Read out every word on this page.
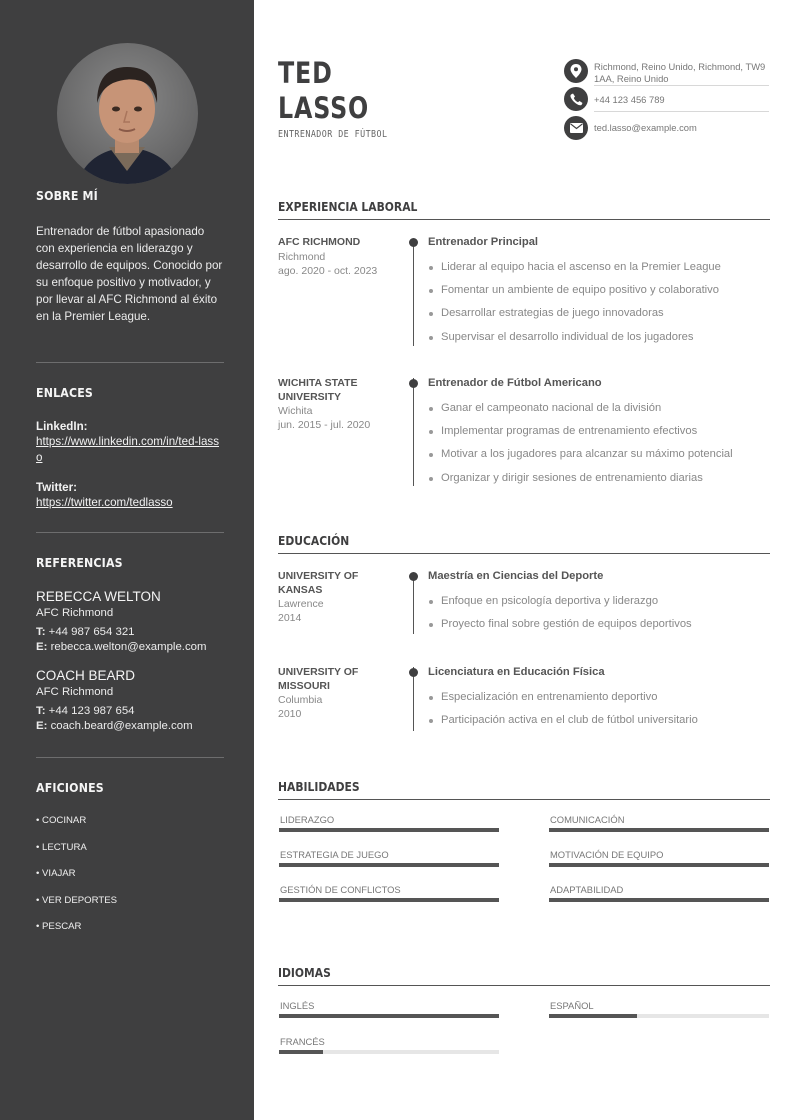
SOBRE MÍ
Entrenador de fútbol apasionado con experiencia en liderazgo y desarrollo de equipos. Conocido por su enfoque positivo y motivador, y por llevar al AFC Richmond al éxito en la Premier League.
ENLACES
LinkedIn:
https://www.linkedin.com/in/ted-lasso
Twitter:
https://twitter.com/tedlasso
REFERENCIAS
REBECCA WELTON
AFC Richmond
T: +44 987 654 321
E: rebecca.welton@example.com
COACH BEARD
AFC Richmond
T: +44 123 987 654
E: coach.beard@example.com
AFICIONES
• COCINAR
• LECTURA
• VIAJAR
• VER DEPORTES
• PESCAR
TED
LASSO
ENTRENADOR DE FÚTBOL
Richmond, Reino Unido, Richmond, TW9 1AA, Reino Unido
+44 123 456 789
ted.lasso@example.com
EXPERIENCIA LABORAL
AFC RICHMOND
Richmond
ago. 2020 - oct. 2023
Entrenador Principal
Liderar al equipo hacia el ascenso en la Premier League
Fomentar un ambiente de equipo positivo y colaborativo
Desarrollar estrategias de juego innovadoras
Supervisar el desarrollo individual de los jugadores
WICHITA STATE UNIVERSITY
Wichita
jun. 2015 - jul. 2020
Entrenador de Fútbol Americano
Ganar el campeonato nacional de la división
Implementar programas de entrenamiento efectivos
Motivar a los jugadores para alcanzar su máximo potencial
Organizar y dirigir sesiones de entrenamiento diarias
EDUCACIÓN
UNIVERSITY OF KANSAS
Lawrence
2014
Maestría en Ciencias del Deporte
Enfoque en psicología deportiva y liderazgo
Proyecto final sobre gestión de equipos deportivos
UNIVERSITY OF MISSOURI
Columbia
2010
Licenciatura en Educación Física
Especialización en entrenamiento deportivo
Participación activa en el club de fútbol universitario
HABILIDADES
LIDERAZGO	COMUNICACIÓN
ESTRATEGIA DE JUEGO	MOTIVACIÓN DE EQUIPO
GESTIÓN DE CONFLICTOS	ADAPTABILIDAD
IDIOMAS
INGLÉS	ESPAÑOL
FRANCÉS
